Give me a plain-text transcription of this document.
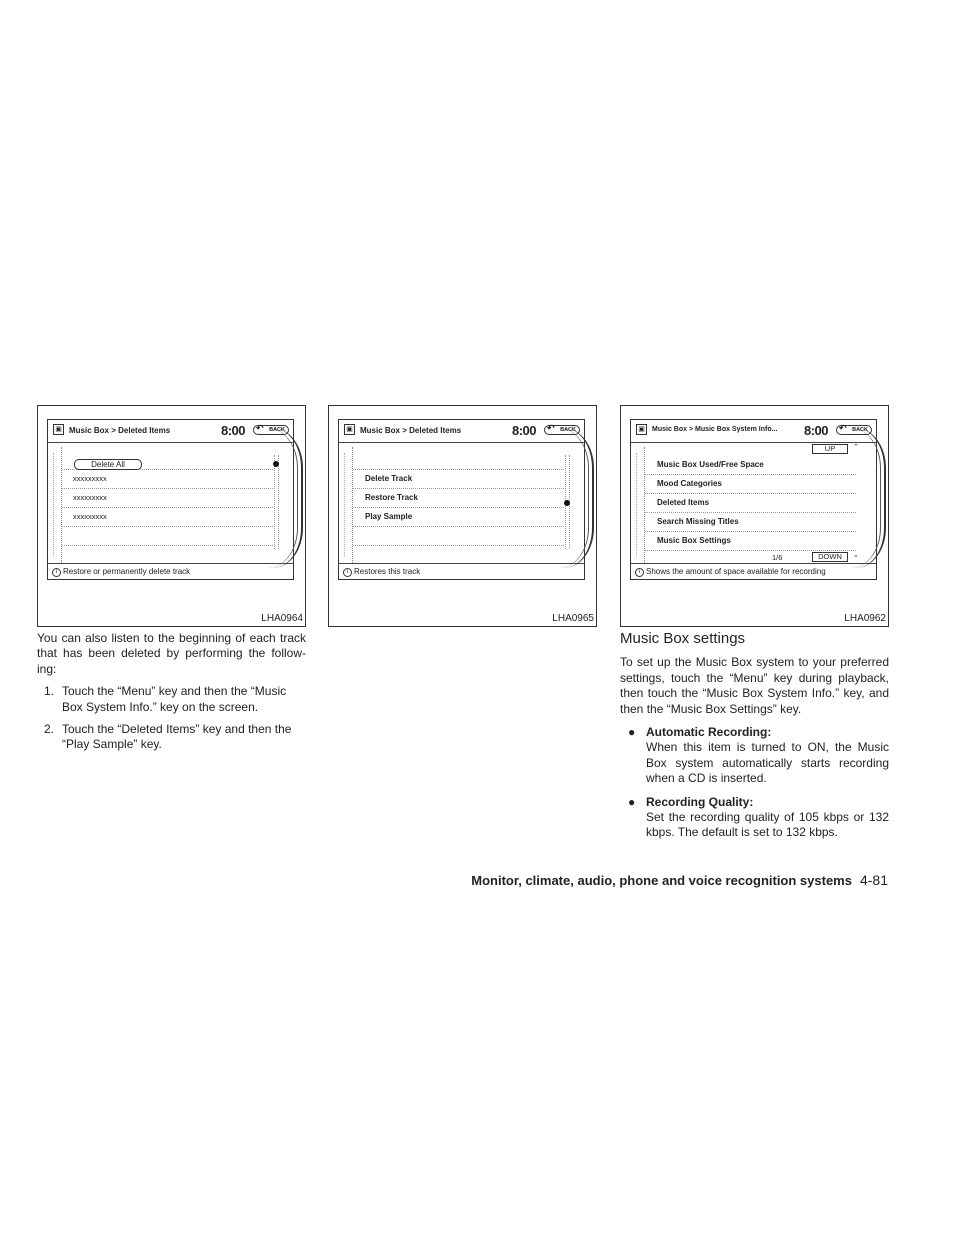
▣ Music Box > Deleted Items	8:00	↶ BACK
Delete All
xxxxxxxxx
xxxxxxxxx
xxxxxxxxx
i Restore or permanently delete track
LHA0964
▣ Music Box > Deleted Items	8:00	↶ BACK
Delete Track
Restore Track
Play Sample
i Restores this track
LHA0965
▣	Music Box > Music Box System Info... 8:00	↶ BACK
UP	⌃
Music Box Used/Free Space
Mood Categories
Deleted Items
Search Missing Titles
Music Box Settings
1/6	DOWN	⌄
i Shows the amount of space available for recording
LHA0962

You can also listen to the beginning of each track that has been deleted by performing the follow-ing:

1. Touch the “Menu” key and then the “Music Box System Info.” key on the screen.
2. Touch the “Deleted Items” key and then the “Play Sample” key.
Music Box settings

To set up the Music Box system to your preferred settings, touch the “Menu” key during playback, then touch the “Music Box System Info.” key, and then the “Music Box Settings” key.

● Automatic Recording:
When this item is turned to ON, the Music Box system automatically starts recording when a CD is inserted.
● Recording Quality:
Set the recording quality of 105 kbps or 132 kbps. The default is set to 132 kbps.
Monitor, climate, audio, phone and voice recognition systems 4-81
